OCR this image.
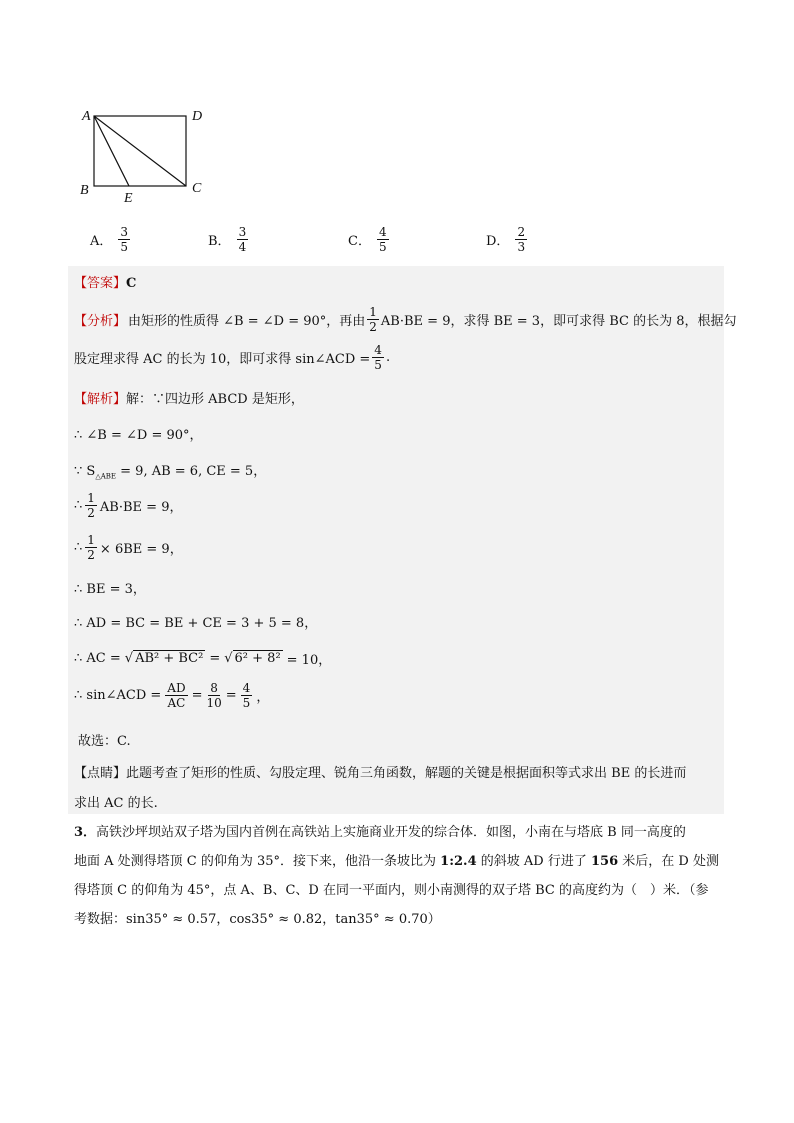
A	D
B	C
E
A． $\frac{3}{5}$	B． $\frac{3}{4}$	C． $\frac{4}{5}$	D． $\frac{2}{3}$
【答案】C
【分析】 由矩形的性质得 ∠B = ∠D = 90°，再由 $\frac{1}{2} AB\cdot BE = 9$，求得 BE = 3，即可求得 BC 的长为 8，根据勾
股定理求得 AC 的长为 10，即可求得 sin∠ACD = $\frac{4}{5}$ .
【解析】解：∵四边形 ABCD 是矩形，
∴ ∠B = ∠D = 90°，
∵ $S_{\triangle ABE} = 9$, AB = 6, CE = 5，
∴ $\frac{1}{2} AB\cdot BE = 9$，
∴ $\frac{1}{2} \times 6BE = 9$，
∴ BE = 3，
∴ AD = BC = BE + CE = 3 + 5 = 8，
∴ AC = √ AB² + BC² = √ 6² + 8² = 10，
∴ sin∠ACD = $\frac{AD}{AC} = \frac{8}{10} = \frac{4}{5}$ ，
故选：C.
【点睛】此题考查了矩形的性质、勾股定理、锐角三角函数，解题的关键是根据面积等式求出 BE 的长进而
求出 AC 的长.
3．高铁沙坪坝站双子塔为国内首例在高铁站上实施商业开发的综合体．如图，小南在与塔底 B 同一高度的
地面 A 处测得塔顶 C 的仰角为 35°．接下来，他沿一条坡比为 1:2.4 的斜坡 AD 行进了 156 米后，在 D 处测
得塔顶 C 的仰角为 45°，点 A、B、C、D 在同一平面内，则小南测得的双子塔 BC 的高度约为（　）米．（参
考数据：sin35° ≈ 0.57，cos35° ≈ 0.82，tan35° ≈ 0.70）
